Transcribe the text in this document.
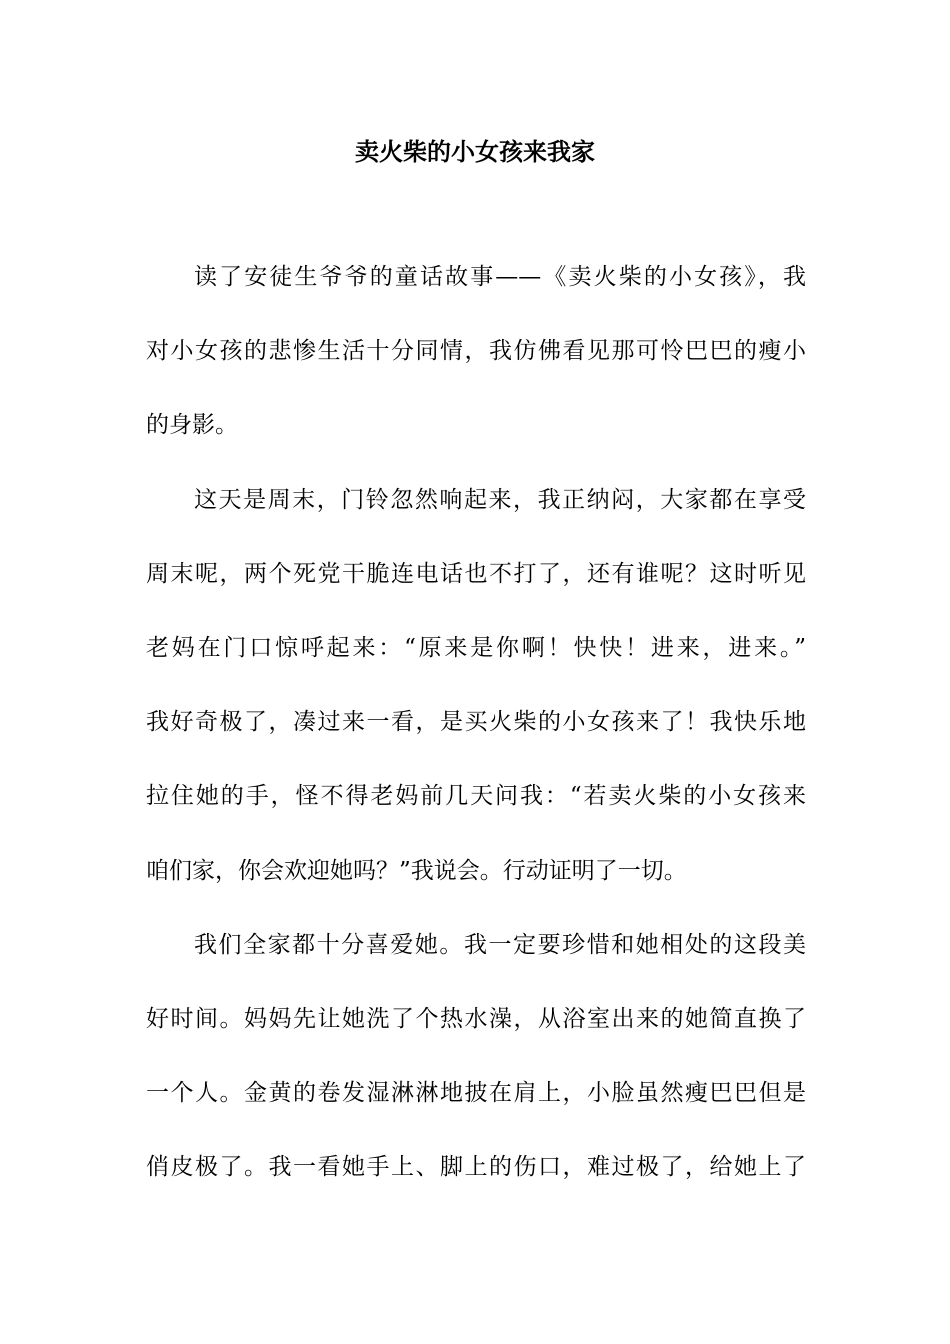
卖火柴的小女孩来我家
读了安徒生爷爷的童话故事——《卖火柴的小女孩》，我
对小女孩的悲惨生活十分同情，我仿佛看见那可怜巴巴的瘦小
的身影。
这天是周末，门铃忽然响起来，我正纳闷，大家都在享受
周末呢，两个死党干脆连电话也不打了，还有谁呢？这时听见
老妈在门口惊呼起来：“原来是你啊！快快！进来，进来。”
我好奇极了，凑过来一看，是买火柴的小女孩来了！我快乐地
拉住她的手，怪不得老妈前几天问我：“若卖火柴的小女孩来
咱们家，你会欢迎她吗？”我说会。行动证明了一切。
我们全家都十分喜爱她。我一定要珍惜和她相处的这段美
好时间。妈妈先让她洗了个热水澡，从浴室出来的她简直换了
一个人。金黄的卷发湿淋淋地披在肩上，小脸虽然瘦巴巴但是
俏皮极了。我一看她手上、脚上的伤口，难过极了，给她上了
